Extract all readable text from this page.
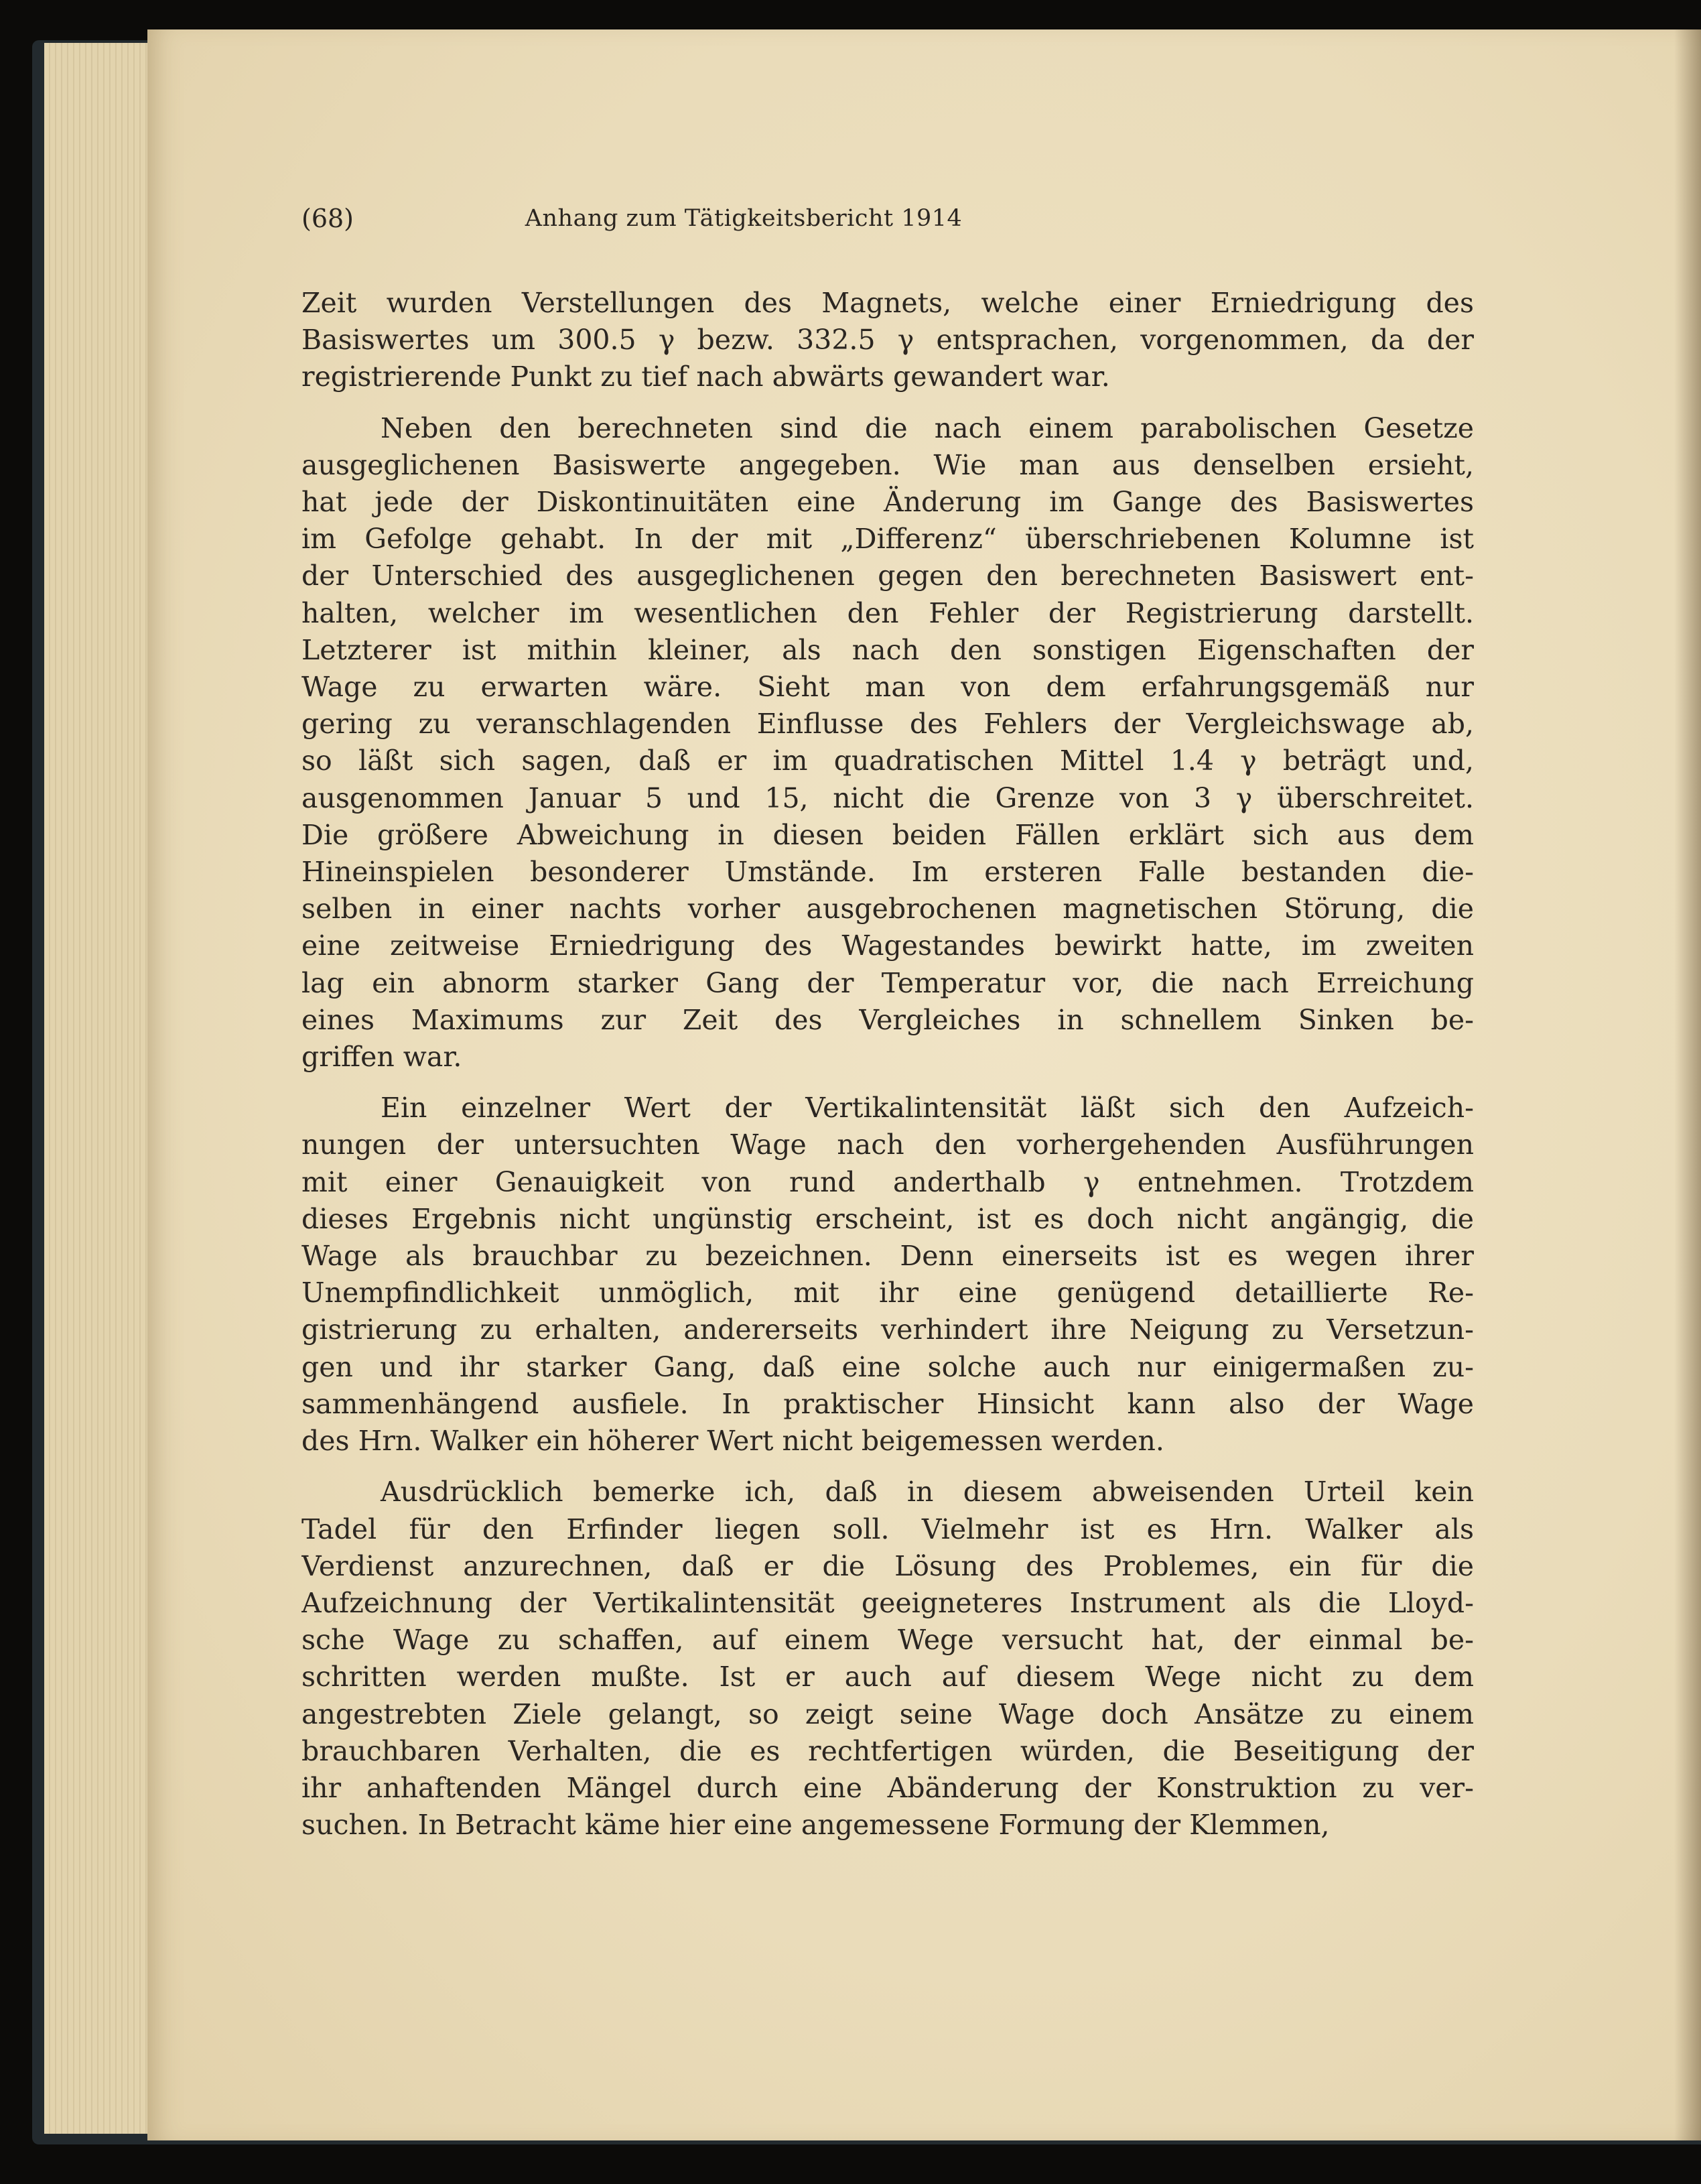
(68)	Anhang zum Tätigkeitsbericht 1914

Zeit wurden Verstellungen des Magnets, welche einer Erniedrigung des
Basiswertes um 300.5 γ bezw. 332.5 γ entsprachen, vorgenommen, da der
registrierende Punkt zu tief nach abwärts gewandert war.

Neben den berechneten sind die nach einem parabolischen Gesetze
ausgeglichenen Basiswerte angegeben. Wie man aus denselben ersieht,
hat jede der Diskontinuitäten eine Änderung im Gange des Basiswertes
im Gefolge gehabt. In der mit „Differenz“ überschriebenen Kolumne ist
der Unterschied des ausgeglichenen gegen den berechneten Basiswert ent-
halten, welcher im wesentlichen den Fehler der Registrierung darstellt.
Letzterer ist mithin kleiner, als nach den sonstigen Eigenschaften der
Wage zu erwarten wäre. Sieht man von dem erfahrungsgemäß nur
gering zu veranschlagenden Einflusse des Fehlers der Vergleichswage ab,
so läßt sich sagen, daß er im quadratischen Mittel 1.4 γ beträgt und,
ausgenommen Januar 5 und 15, nicht die Grenze von 3 γ überschreitet.
Die größere Abweichung in diesen beiden Fällen erklärt sich aus dem
Hineinspielen besonderer Umstände. Im ersteren Falle bestanden die-
selben in einer nachts vorher ausgebrochenen magnetischen Störung, die
eine zeitweise Erniedrigung des Wagestandes bewirkt hatte, im zweiten
lag ein abnorm starker Gang der Temperatur vor, die nach Erreichung
eines Maximums zur Zeit des Vergleiches in schnellem Sinken be-
griffen war.

Ein einzelner Wert der Vertikalintensität läßt sich den Aufzeich-
nungen der untersuchten Wage nach den vorhergehenden Ausführungen
mit einer Genauigkeit von rund anderthalb γ entnehmen. Trotzdem
dieses Ergebnis nicht ungünstig erscheint, ist es doch nicht angängig, die
Wage als brauchbar zu bezeichnen. Denn einerseits ist es wegen ihrer
Unempfindlichkeit unmöglich, mit ihr eine genügend detaillierte Re-
gistrierung zu erhalten, andererseits verhindert ihre Neigung zu Versetzun-
gen und ihr starker Gang, daß eine solche auch nur einigermaßen zu-
sammenhängend ausfiele. In praktischer Hinsicht kann also der Wage
des Hrn. Walker ein höherer Wert nicht beigemessen werden.

Ausdrücklich bemerke ich, daß in diesem abweisenden Urteil kein
Tadel für den Erfinder liegen soll. Vielmehr ist es Hrn. Walker als
Verdienst anzurechnen, daß er die Lösung des Problemes, ein für die
Aufzeichnung der Vertikalintensität geeigneteres Instrument als die Lloyd-
sche Wage zu schaffen, auf einem Wege versucht hat, der einmal be-
schritten werden mußte. Ist er auch auf diesem Wege nicht zu dem
angestrebten Ziele gelangt, so zeigt seine Wage doch Ansätze zu einem
brauchbaren Verhalten, die es rechtfertigen würden, die Beseitigung der
ihr anhaftenden Mängel durch eine Abänderung der Konstruktion zu ver-
suchen. In Betracht käme hier eine angemessene Formung der Klemmen,
